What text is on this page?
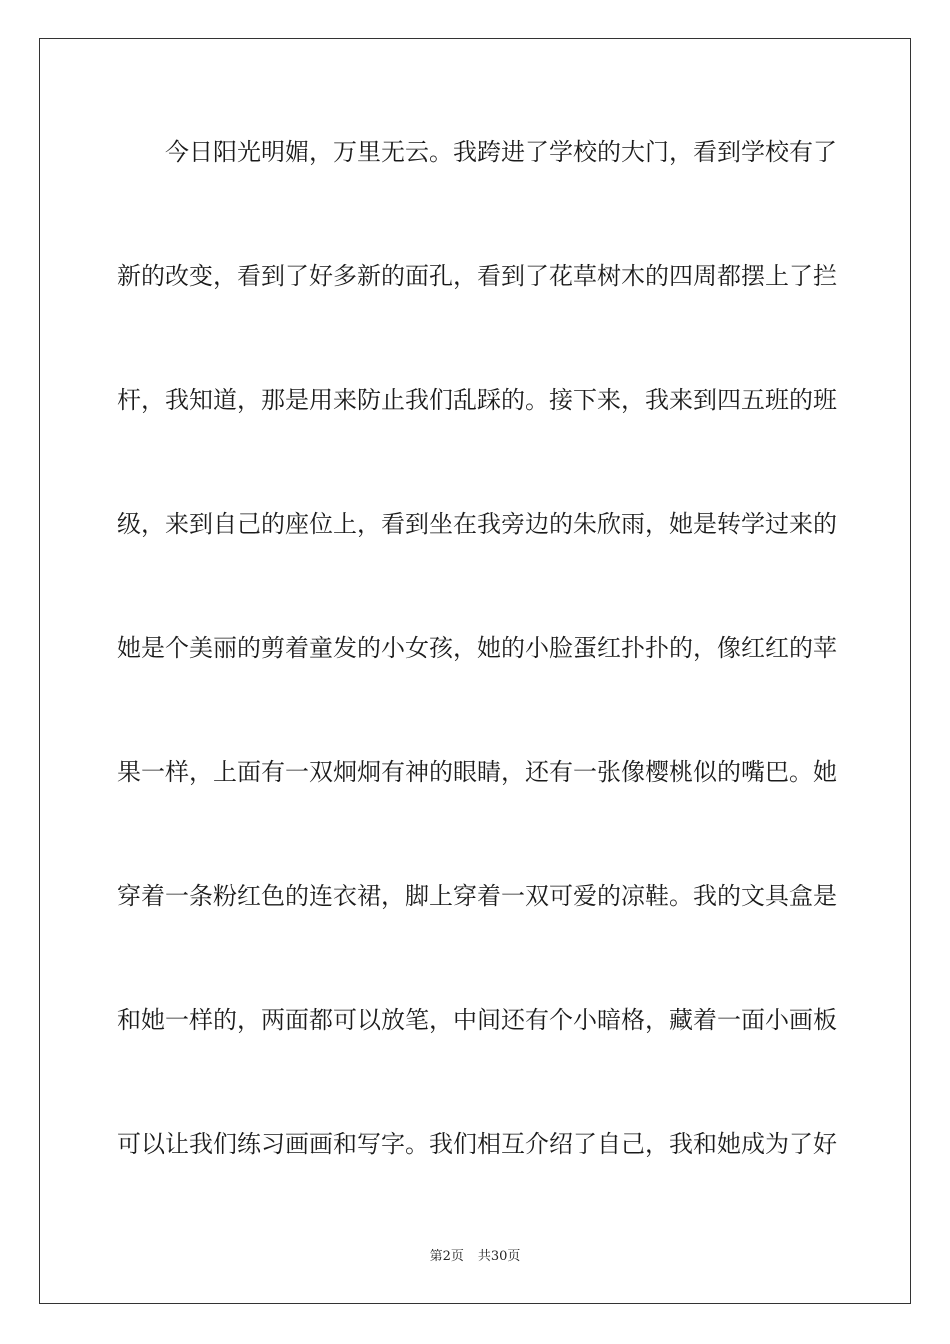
今日阳光明媚，万里无云。我跨进了学校的大门，看到学校有了
新的改变，看到了好多新的面孔，看到了花草树木的四周都摆上了拦
杆，我知道，那是用来防止我们乱踩的。接下来，我来到四五班的班
级，来到自己的座位上，看到坐在我旁边的朱欣雨，她是转学过来的
她是个美丽的剪着童发的小女孩，她的小脸蛋红扑扑的，像红红的苹
果一样，上面有一双炯炯有神的眼睛，还有一张像樱桃似的嘴巴。她
穿着一条粉红色的连衣裙，脚上穿着一双可爱的凉鞋。我的文具盒是
和她一样的，两面都可以放笔，中间还有个小暗格，藏着一面小画板
可以让我们练习画画和写字。我们相互介绍了自己，我和她成为了好
第2页 共30页
